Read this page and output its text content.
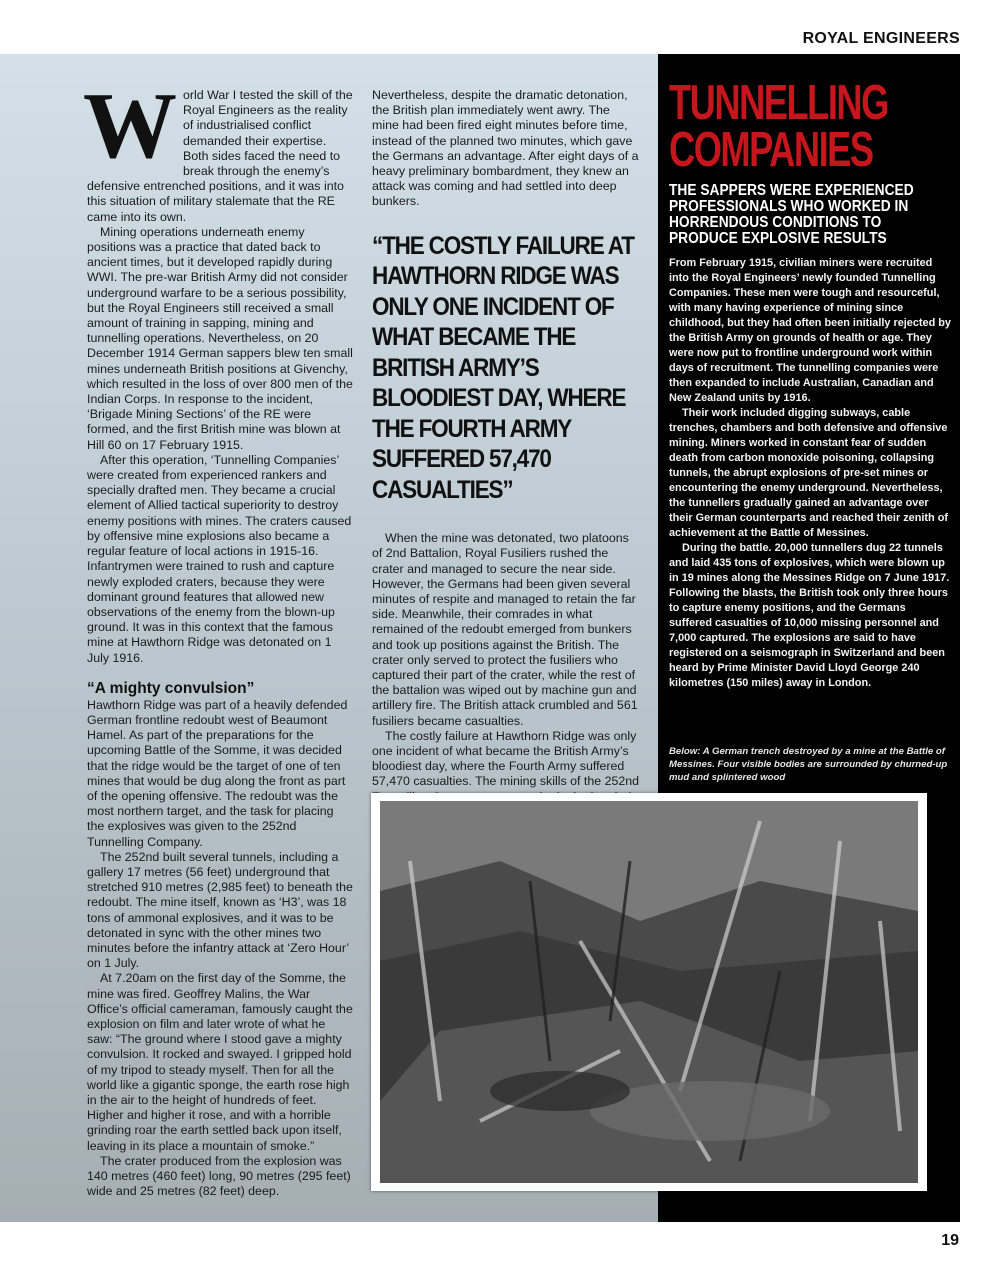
ROYAL ENGINEERS
W orld War I tested the skill of the Royal Engineers as the reality of industrialised conflict demanded their expertise. Both sides faced the need to break through the enemy’s defensive entrenched positions, and it was into this situation of military stalemate that the RE came into its own.

Mining operations underneath enemy positions was a practice that dated back to ancient times, but it developed rapidly during WWI. The pre-war British Army did not consider underground warfare to be a serious possibility, but the Royal Engineers still received a small amount of training in sapping, mining and tunnelling operations. Nevertheless, on 20 December 1914 German sappers blew ten small mines underneath British positions at Givenchy, which resulted in the loss of over 800 men of the Indian Corps. In response to the incident, ‘Brigade Mining Sections’ of the RE were formed, and the first British mine was blown at Hill 60 on 17 February 1915.

After this operation, ‘Tunnelling Companies’ were created from experienced rankers and specially drafted men. They became a crucial element of Allied tactical superiority to destroy enemy positions with mines. The craters caused by offensive mine explosions also became a regular feature of local actions in 1915-16. Infantrymen were trained to rush and capture newly exploded craters, because they were dominant ground features that allowed new observations of the enemy from the blown-up ground. It was in this context that the famous mine at Hawthorn Ridge was detonated on 1 July 1916.

“A mighty convulsion”

Hawthorn Ridge was part of a heavily defended German frontline redoubt west of Beaumont Hamel. As part of the preparations for the upcoming Battle of the Somme, it was decided that the ridge would be the target of one of ten mines that would be dug along the front as part of the opening offensive. The redoubt was the most northern target, and the task for placing the explosives was given to the 252nd Tunnelling Company.

The 252nd built several tunnels, including a gallery 17 metres (56 feet) underground that stretched 910 metres (2,985 feet) to beneath the redoubt. The mine itself, known as ‘H3’, was 18 tons of ammonal explosives, and it was to be detonated in sync with the other mines two minutes before the infantry attack at ‘Zero Hour’ on 1 July.

At 7.20am on the first day of the Somme, the mine was fired. Geoffrey Malins, the War Office’s official cameraman, famously caught the explosion on film and later wrote of what he saw: “The ground where I stood gave a mighty convulsion. It rocked and swayed. I gripped hold of my tripod to steady myself. Then for all the world like a gigantic sponge, the earth rose high in the air to the height of hundreds of feet. Higher and higher it rose, and with a horrible grinding roar the earth settled back upon itself, leaving in its place a mountain of smoke.”

The crater produced from the explosion was 140 metres (460 feet) long, 90 metres (295 feet) wide and 25 metres (82 feet) deep.

Nevertheless, despite the dramatic detonation, the British plan immediately went awry. The mine had been fired eight minutes before time, instead of the planned two minutes, which gave the Germans an advantage. After eight days of a heavy preliminary bombardment, they knew an attack was coming and had settled into deep bunkers.

“THE COSTLY FAILURE AT HAWTHORN RIDGE WAS ONLY ONE INCIDENT OF WHAT BECAME THE BRITISH ARMY’S BLOODIEST DAY, WHERE THE FOURTH ARMY SUFFERED 57,470 CASUALTIES”

When the mine was detonated, two platoons of 2nd Battalion, Royal Fusiliers rushed the crater and managed to secure the near side. However, the Germans had been given several minutes of respite and managed to retain the far side. Meanwhile, their comrades in what remained of the redoubt emerged from bunkers and took up positions against the British. The crater only served to protect the fusiliers who captured their part of the crater, while the rest of the battalion was wiped out by machine gun and artillery fire. The British attack crumbled and 561 fusiliers became casualties.

The costly failure at Hawthorn Ridge was only one incident of what became the British Army’s bloodiest day, where the Fourth Army suffered 57,470 casualties. The mining skills of the 252nd

TUNNELLING
COMPANIES
THE SAPPERS WERE EXPERIENCED PROFESSIONALS WHO WORKED IN HORRENDOUS CONDITIONS TO PRODUCE EXPLOSIVE RESULTS

From February 1915, civilian miners were recruited into the Royal Engineers’ newly founded Tunnelling Companies. These men were tough and resourceful, with many having experience of mining since childhood, but they had often been initially rejected by the British Army on grounds of health or age. They were now put to frontline underground work within days of recruitment. The tunnelling companies were then expanded to include Australian, Canadian and New Zealand units by 1916.

Their work included digging subways, cable trenches, chambers and both defensive and offensive mining. Miners worked in constant fear of sudden death from carbon monoxide poisoning, collapsing tunnels, the abrupt explosions of pre-set mines or encountering the enemy underground. Nevertheless, the tunnellers gradually gained an advantage over their German counterparts and reached their zenith of achievement at the Battle of Messines.

During the battle. 20,000 tunnellers dug 22 tunnels and laid 435 tons of explosives, which were blown up in 19 mines along the Messines Ridge on 7 June 1917. Following the blasts, the British took only three hours to capture enemy positions, and the Germans suffered casualties of 10,000 missing personnel and 7,000 captured. The explosions are said to have registered on a seismograph in Switzerland and been heard by Prime Minister David Lloyd George 240 kilometres (150 miles) away in London.

Below: A German trench destroyed by a mine at the Battle of Messines. Four visible bodies are surrounded by churned-up mud and splintered wood
19
